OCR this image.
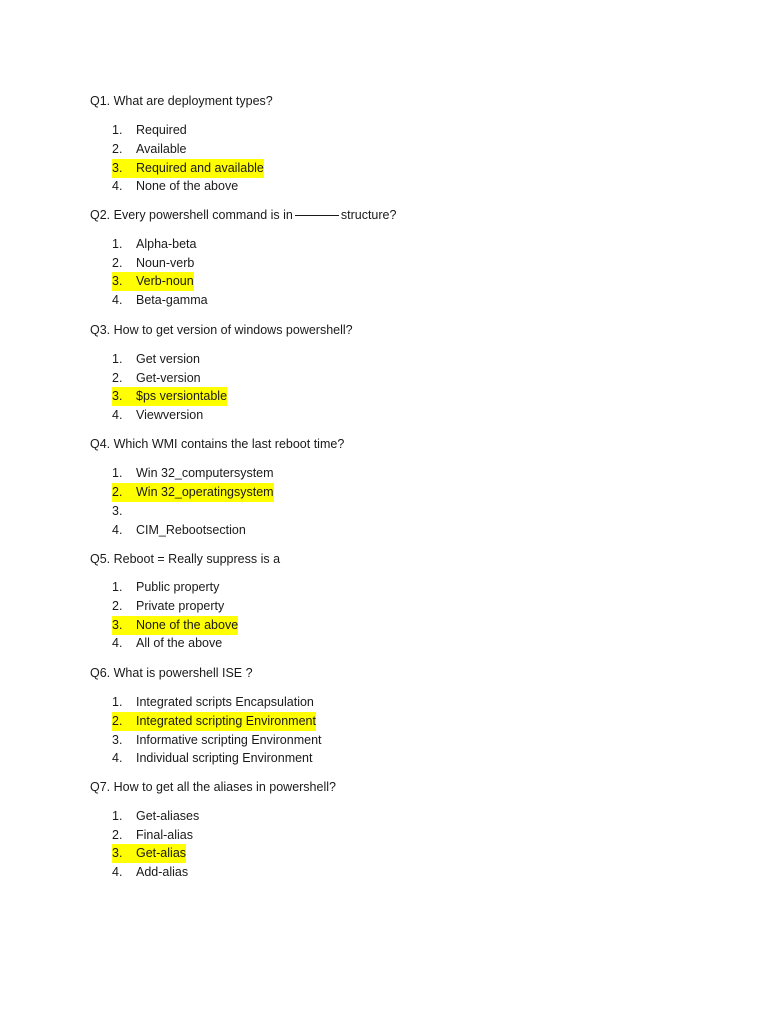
Q1. What are deployment types?
1. Required
2. Available
3. Required and available
4. None of the above
Q2. Every powershell command is in	structure?
1. Alpha-beta
2. Noun-verb
3. Verb-noun
4. Beta-gamma
Q3. How to get version of windows powershell?
1. Get version
2. Get-version
3. $ps versiontable
4. Viewversion
Q4. Which WMI contains the last reboot time?
1. Win 32_computersystem
2. Win 32_operatingsystem
3.
4. CIM_Rebootsection
Q5. Reboot = Really suppress is a
1. Public property
2. Private property
3. None of the above
4. All of the above
Q6. What is powershell ISE ?
1. Integrated scripts Encapsulation
2. Integrated scripting Environment
3. Informative scripting Environment
4. Individual scripting Environment
Q7. How to get all the aliases in powershell?
1. Get-aliases
2. Final-alias
3. Get-alias
4. Add-alias
